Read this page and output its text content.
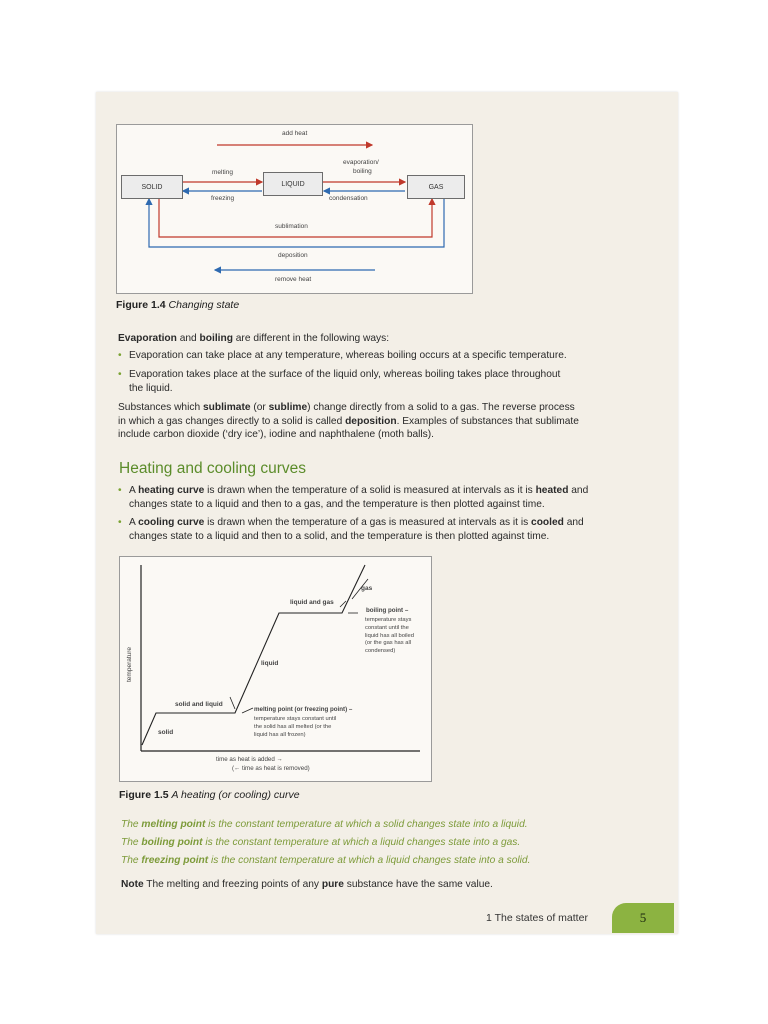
add heat
melting
evaporation/
boiling
SOLID	LIQUID	GAS
freezing	condensation
sublimation
deposition
remove heat
Figure 1.4 Changing state
Evaporation and boiling are different in the following ways:
• Evaporation can take place at any temperature, whereas boiling occurs at a specific temperature.
• Evaporation takes place at the surface of the liquid only, whereas boiling takes place throughout
the liquid.
Substances which sublimate (or sublime) change directly from a solid to a gas. The reverse process
in which a gas changes directly to a solid is called deposition. Examples of substances that sublimate
include carbon dioxide (‘dry ice’), iodine and naphthalene (moth balls).
Heating and cooling curves
• A heating curve is drawn when the temperature of a solid is measured at intervals as it is heated and
changes state to a liquid and then to a gas, and the temperature is then plotted against time.
• A cooling curve is drawn when the temperature of a gas is measured at intervals as it is cooled and
changes state to a liquid and then to a solid, and the temperature is then plotted against time.
temperature
gas
liquid and gas
boiling point –
temperature stays
constant until the
liquid has all boiled
(or the gas has all
condensed)
liquid
solid and liquid
melting point (or freezing point) –
temperature stays constant until
the solid has all melted (or the
liquid has all frozen)
solid
time as heat is added →
(← time as heat is removed)
Figure 1.5 A heating (or cooling) curve
The melting point is the constant temperature at which a solid changes state into a liquid.
The boiling point is the constant temperature at which a liquid changes state into a gas.
The freezing point is the constant temperature at which a liquid changes state into a solid.
Note The melting and freezing points of any pure substance have the same value.
1 The states of matter	5
